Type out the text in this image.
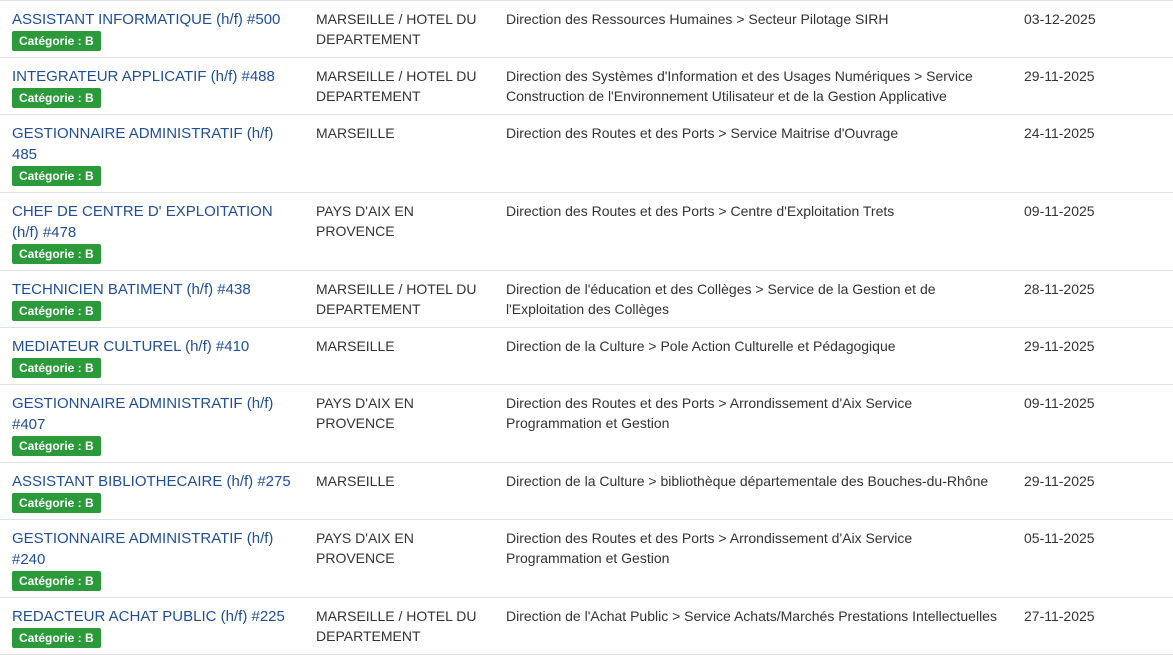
ASSISTANT INFORMATIQUE (h/f) #500
Catégorie : B	MARSEILLE / HOTEL DU DEPARTEMENT	Direction des Ressources Humaines > Secteur Pilotage SIRH	03-12-2025

INTEGRATEUR APPLICATIF (h/f) #488
Catégorie : B	MARSEILLE / HOTEL DU DEPARTEMENT	Direction des Systèmes d'Information et des Usages Numériques > Service Construction de l'Environnement Utilisateur et de la Gestion Applicative	29-11-2025

GESTIONNAIRE ADMINISTRATIF (h/f) 485
Catégorie : B	MARSEILLE	Direction des Routes et des Ports > Service Maitrise d'Ouvrage	24-11-2025

CHEF DE CENTRE D' EXPLOITATION (h/f) #478
Catégorie : B	PAYS D'AIX EN PROVENCE	Direction des Routes et des Ports > Centre d'Exploitation Trets	09-11-2025

TECHNICIEN BATIMENT (h/f) #438
Catégorie : B	MARSEILLE / HOTEL DU DEPARTEMENT	Direction de l'éducation et des Collèges > Service de la Gestion et de l'Exploitation des Collèges	28-11-2025

MEDIATEUR CULTUREL (h/f) #410
Catégorie : B	MARSEILLE	Direction de la Culture > Pole Action Culturelle et Pédagogique	29-11-2025

GESTIONNAIRE ADMINISTRATIF (h/f) #407
Catégorie : B	PAYS D'AIX EN PROVENCE	Direction des Routes et des Ports > Arrondissement d'Aix Service Programmation et Gestion	09-11-2025

ASSISTANT BIBLIOTHECAIRE (h/f) #275
Catégorie : B	MARSEILLE	Direction de la Culture > bibliothèque départementale des Bouches-du-Rhône	29-11-2025

GESTIONNAIRE ADMINISTRATIF (h/f) #240
Catégorie : B	PAYS D'AIX EN PROVENCE	Direction des Routes et des Ports > Arrondissement d'Aix Service Programmation et Gestion	05-11-2025

REDACTEUR ACHAT PUBLIC (h/f) #225
Catégorie : B	MARSEILLE / HOTEL DU DEPARTEMENT	Direction de l'Achat Public > Service Achats/Marchés Prestations Intellectuelles	27-11-2025
